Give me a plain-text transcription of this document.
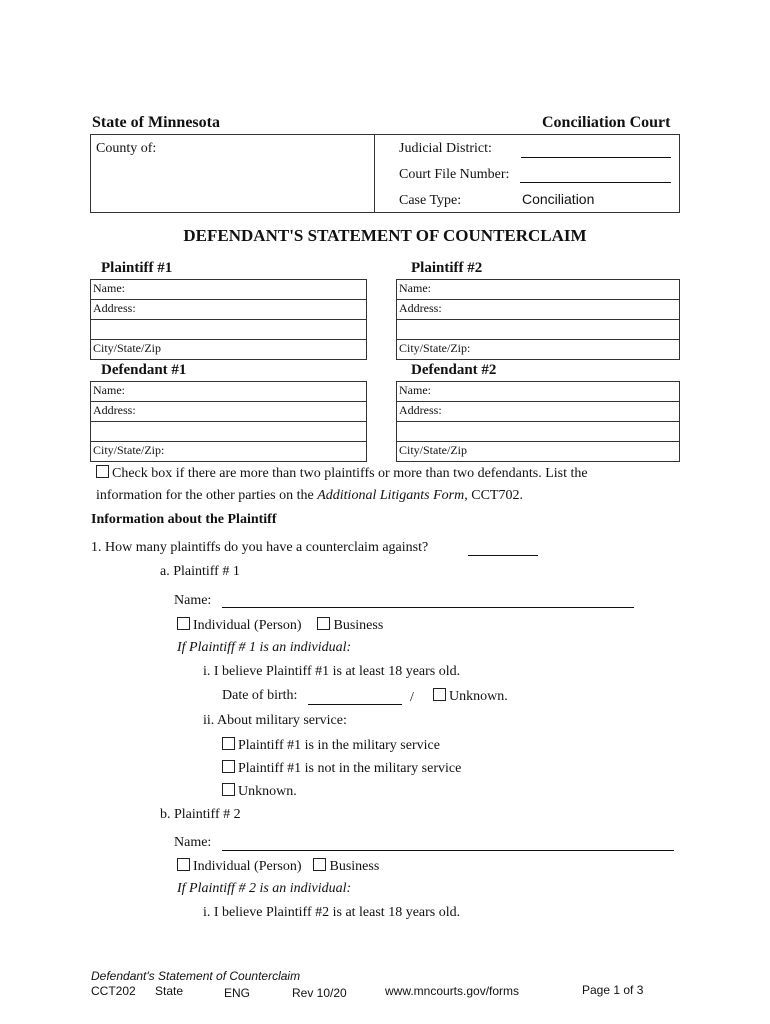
State of Minnesota	Conciliation Court
County of:	Judicial District:
Court File Number:
Case Type:	Conciliation
DEFENDANT'S STATEMENT OF COUNTERCLAIM
Plaintiff #1	Plaintiff #2
Name:
Address:
City/State/Zip
Name:
Address:
City/State/Zip:
Defendant #1	Defendant #2
Name:
Address:
City/State/Zip:
Name:
Address:
City/State/Zip
Check box if there are more than two plaintiffs or more than two defendants. List the
information for the other parties on the Additional Litigants Form, CCT702.
Information about the Plaintiff
1. How many plaintiffs do you have a counterclaim against?
a. Plaintiff # 1
Name:
Individual (Person) Business
If Plaintiff # 1 is an individual:
i. I believe Plaintiff #1 is at least 18 years old.
Date of birth:	/	Unknown.
ii. About military service:
Plaintiff #1 is in the military service
Plaintiff #1 is not in the military service
Unknown.
b. Plaintiff # 2
Name:
Individual (Person) Business
If Plaintiff # 2 is an individual:
i. I believe Plaintiff #2 is at least 18 years old.
Defendant's Statement of Counterclaim
CCT202 State	ENG	Rev 10/20	www.mncourts.gov/forms	Page 1 of 3
